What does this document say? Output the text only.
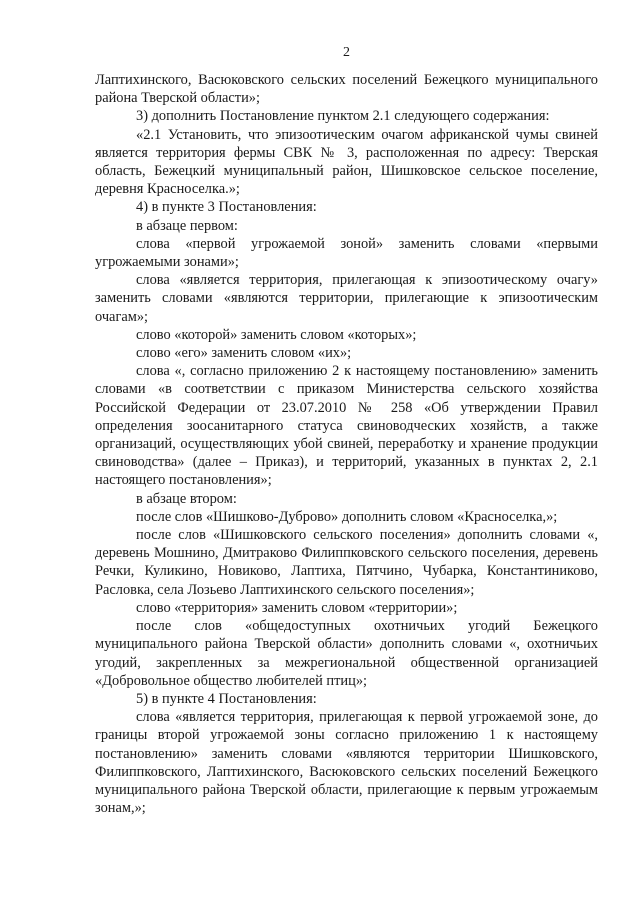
2

Лаптихинского, Васюковского сельских поселений Бежецкого муниципального района Тверской области»;

3) дополнить Постановление пунктом 2.1 следующего содержания:

«2.1 Установить, что эпизоотическим очагом африканской чумы свиней является территория фермы СВК № 3, расположенная по адресу: Тверская область, Бежецкий муниципальный район, Шишковское сельское поселение, деревня Красноселка.»;

4) в пункте 3 Постановления:

в абзаце первом:

слова «первой угрожаемой зоной» заменить словами «первыми угрожаемыми зонами»;

слова «является территория, прилегающая к эпизоотическому очагу» заменить словами «являются территории, прилегающие к эпизоотическим очагам»;

слово «которой» заменить словом «которых»;

слово «его» заменить словом «их»;

слова «, согласно приложению 2 к настоящему постановлению» заменить словами «в соответствии с приказом Министерства сельского хозяйства Российской Федерации от 23.07.2010 № 258 «Об утверждении Правил определения зоосанитарного статуса свиноводческих хозяйств, а также организаций, осуществляющих убой свиней, переработку и хранение продукции свиноводства» (далее – Приказ), и территорий, указанных в пунктах 2, 2.1 настоящего постановления»;

в абзаце втором:

после слов «Шишково-Дуброво» дополнить словом «Красноселка,»;

после слов «Шишковского сельского поселения» дополнить словами «, деревень Мошнино, Дмитраково Филиппковского сельского поселения, деревень Речки, Куликино, Новиково, Лаптиха, Пятчино, Чубарка, Константиниково, Расловка, села Лозьево Лаптихинского сельского поселения»;

слово «территория» заменить словом «территории»;

после слов «общедоступных охотничьих угодий Бежецкого муниципального района Тверской области» дополнить словами «, охотничьих угодий, закрепленных за межрегиональной общественной организацией «Добровольное общество любителей птиц»;

5) в пункте 4 Постановления:

слова «является территория, прилегающая к первой угрожаемой зоне, до границы второй угрожаемой зоны согласно приложению 1 к настоящему постановлению» заменить словами «являются территории Шишковского, Филиппковского, Лаптихинского, Васюковского сельских поселений Бежецкого муниципального района Тверской области, прилегающие к первым угрожаемым зонам,»;
